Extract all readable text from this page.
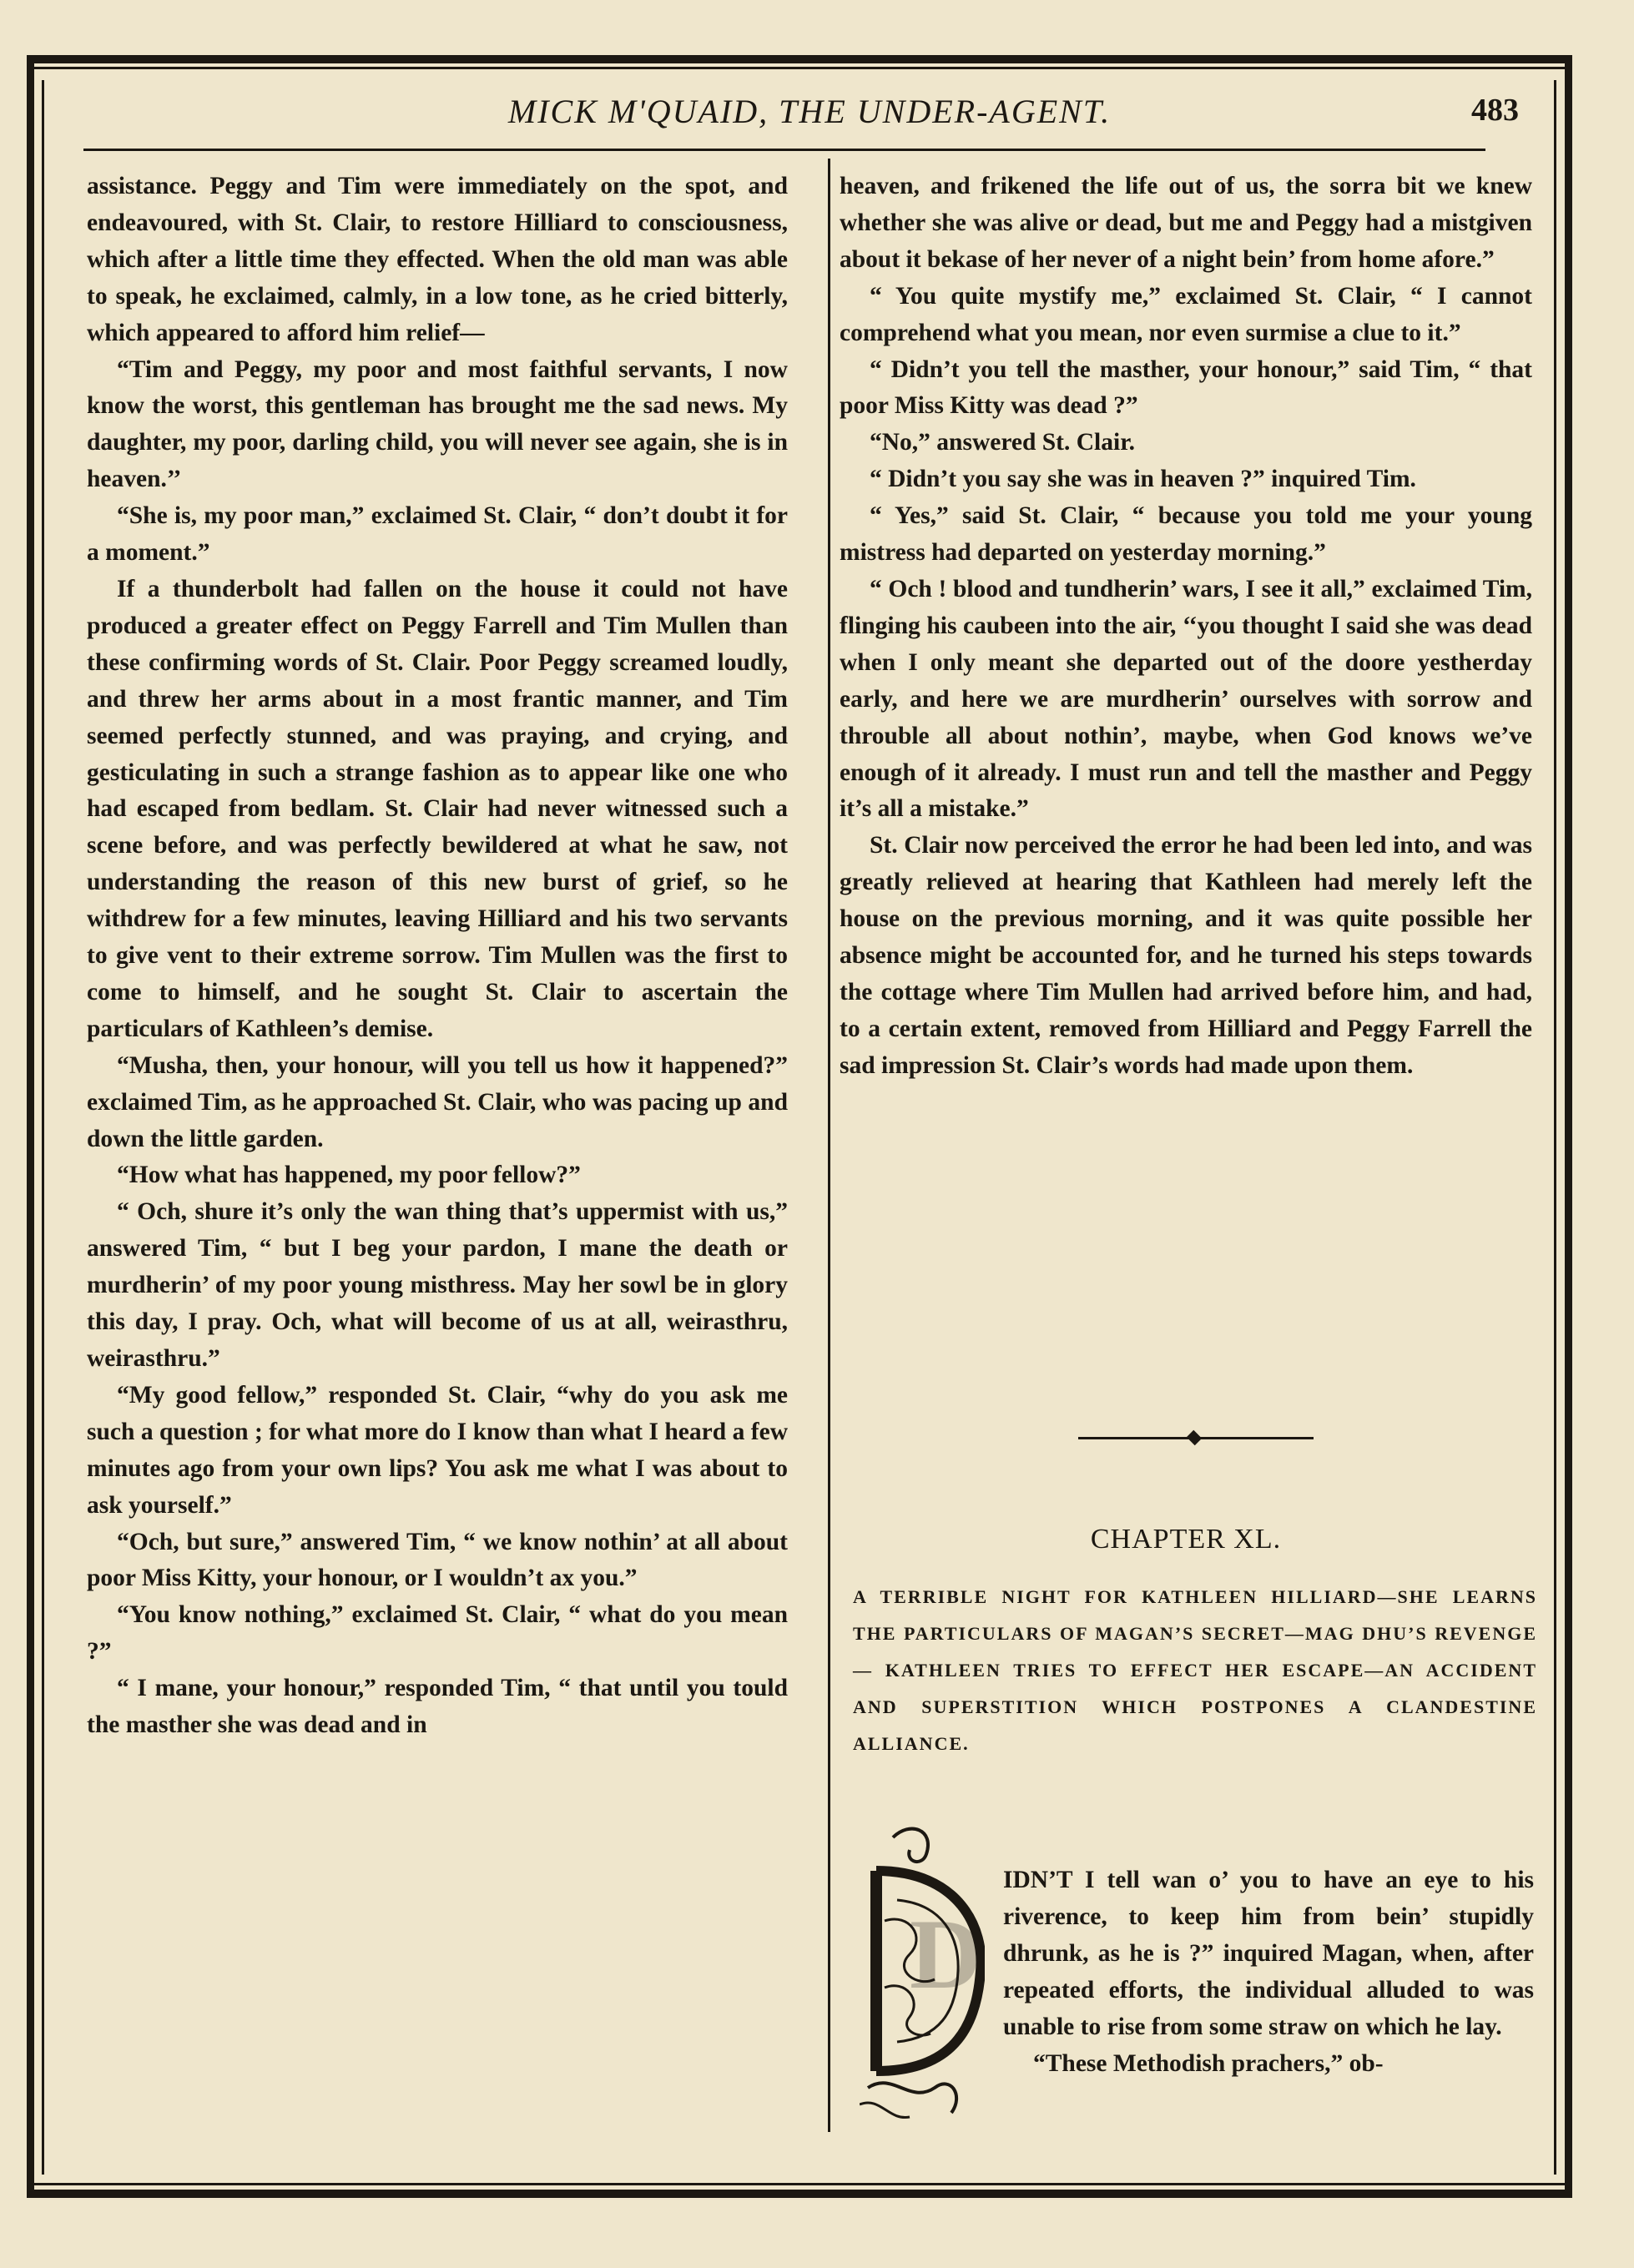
MICK M'QUAID, THE UNDER-AGENT.	483

assistance. Peggy and Tim were immediately on the spot, and endeavoured, with St. Clair, to restore Hilliard to consciousness, which after a little time they effected. When the old man was able to speak, he exclaimed, calmly, in a low tone, as he cried bitterly, which appeared to afford him relief—

“Tim and Peggy, my poor and most faithful servants, I now know the worst, this gentleman has brought me the sad news. My daughter, my poor, darling child, you will never see again, she is in heaven.’’

“She is, my poor man,” exclaimed St. Clair, “ don’t doubt it for a moment.”

If a thunderbolt had fallen on the house it could not have produced a greater effect on Peggy Farrell and Tim Mullen than these confirming words of St. Clair. Poor Peggy screamed loudly, and threw her arms about in a most frantic manner, and Tim seemed perfectly stunned, and was praying, and crying, and gesticulating in such a strange fashion as to appear like one who had escaped from bedlam. St. Clair had never witnessed such a scene before, and was perfectly bewildered at what he saw, not understanding the reason of this new burst of grief, so he withdrew for a few minutes, leaving Hilliard and his two servants to give vent to their extreme sorrow. Tim Mullen was the first to come to himself, and he sought St. Clair to ascertain the particulars of Kathleen’s demise.

“Musha, then, your honour, will you tell us how it happened?” exclaimed Tim, as he approached St. Clair, who was pacing up and down the little garden.

“How what has happened, my poor fellow?”

“ Och, shure it’s only the wan thing that’s uppermist with us,” answered Tim, “ but I beg your pardon, I mane the death or murdherin’ of my poor young misthress. May her sowl be in glory this day, I pray. Och, what will become of us at all, weirasthru, weirasthru.”

“My good fellow,” responded St. Clair, “why do you ask me such a question ; for what more do I know than what I heard a few minutes ago from your own lips? You ask me what I was about to ask yourself.”

“Och, but sure,” answered Tim, “ we know nothin’ at all about poor Miss Kitty, your honour, or I wouldn’t ax you.”

“You know nothing,” exclaimed St. Clair, “ what do you mean ?”

“ I mane, your honour,” responded Tim, “ that until you tould the masther she was dead and in

heaven, and frikened the life out of us, the sorra bit we knew whether she was alive or dead, but me and Peggy had a mistgiven about it bekase of her never of a night bein’ from home afore.”

“ You quite mystify me,” exclaimed St. Clair, “ I cannot comprehend what you mean, nor even surmise a clue to it.”

“ Didn’t you tell the masther, your honour,” said Tim, “ that poor Miss Kitty was dead ?”

“No,” answered St. Clair.

“ Didn’t you say she was in heaven ?” inquired Tim.

“ Yes,” said St. Clair, “ because you told me your young mistress had departed on yesterday morning.”

“ Och ! blood and tundherin’ wars, I see it all,” exclaimed Tim, flinging his caubeen into the air, ‘‘you thought I said she was dead when I only meant she departed out of the doore yestherday early, and here we are murdherin’ ourselves with sorrow and throuble all about nothin’, maybe, when God knows we’ve enough of it already. I must run and tell the masther and Peggy it’s all a mistake.”

St. Clair now perceived the error he had been led into, and was greatly relieved at hearing that Kathleen had merely left the house on the previous morning, and it was quite possible her absence might be accounted for, and he turned his steps towards the cottage where Tim Mullen had arrived before him, and had, to a certain extent, removed from Hilliard and Peggy Farrell the sad impression St. Clair’s words had made upon them.

CHAPTER XL.
A TERRIBLE NIGHT FOR KATHLEEN HILLIARD—SHE LEARNS THE PARTICULARS OF MAGAN’S SECRET—MAG DHU’S REVENGE — KATHLEEN TRIES TO EFFECT HER ESCAPE—AN ACCIDENT AND SUPERSTITION WHICH POSTPONES A CLANDESTINE ALLIANCE.
D

IDN’T I tell wan o’ you to have an eye to his riverence, to keep him from bein’ stupidly dhrunk, as he is ?” inquired Magan, when, after repeated efforts, the individual alluded to was unable to rise from some straw on which he lay.

“These Methodish prachers,” ob-
